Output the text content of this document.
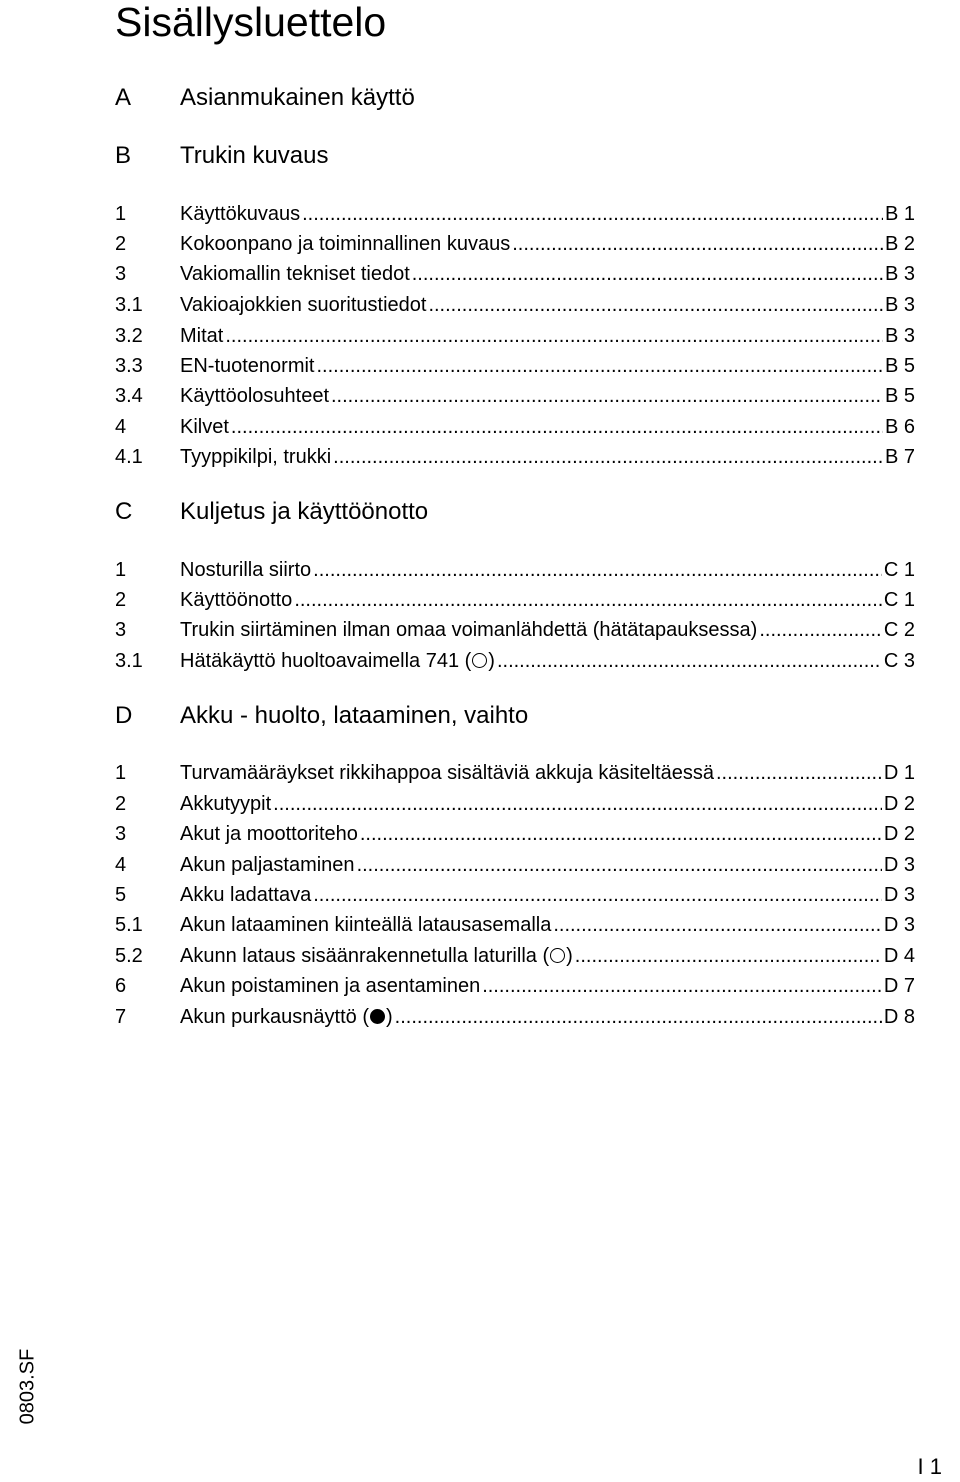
Sisällysluettelo
A	Asianmukainen käyttö
B	Trukin kuvaus
1	Käyttökuvaus .....	B 1
2	Kokoonpano ja toiminnallinen kuvaus .....	B 2
3	Vakiomallin tekniset tiedot .....	B 3
3.1	Vakioajokkien suoritustiedot .....	B 3
3.2	Mitat .....	B 3
3.3	EN-tuotenormit .....	B 5
3.4	Käyttöolosuhteet .....	B 5
4	Kilvet .....	B 6
4.1	Tyyppikilpi, trukki .....	B 7
C	Kuljetus ja käyttöönotto
1	Nosturilla siirto .....	C 1
2	Käyttöönotto .....	C 1
3	Trukin siirtäminen ilman omaa voimanlähdettä (hätätapauksessa) .....	C 2
3.1	Hätäkäyttö huoltoavaimella 741 ( ) .....	C 3
D	Akku - huolto, lataaminen, vaihto
1	Turvamääräykset rikkihappoa sisältäviä akkuja käsiteltäessä .....	D 1
2	Akkutyypit .....	D 2
3	Akut ja moottoriteho .....	D 2
4	Akun paljastaminen .....	D 3
5	Akku ladattava .....	D 3
5.1	Akun lataaminen kiinteällä latausasemalla .....	D 3
5.2	Akunn lataus sisäänrakennetulla laturilla ( ) .....	D 4
6	Akun poistaminen ja asentaminen .....	D 7
7	Akun purkausnäyttö ( ) .....	D 8
0803.SF
I 1
